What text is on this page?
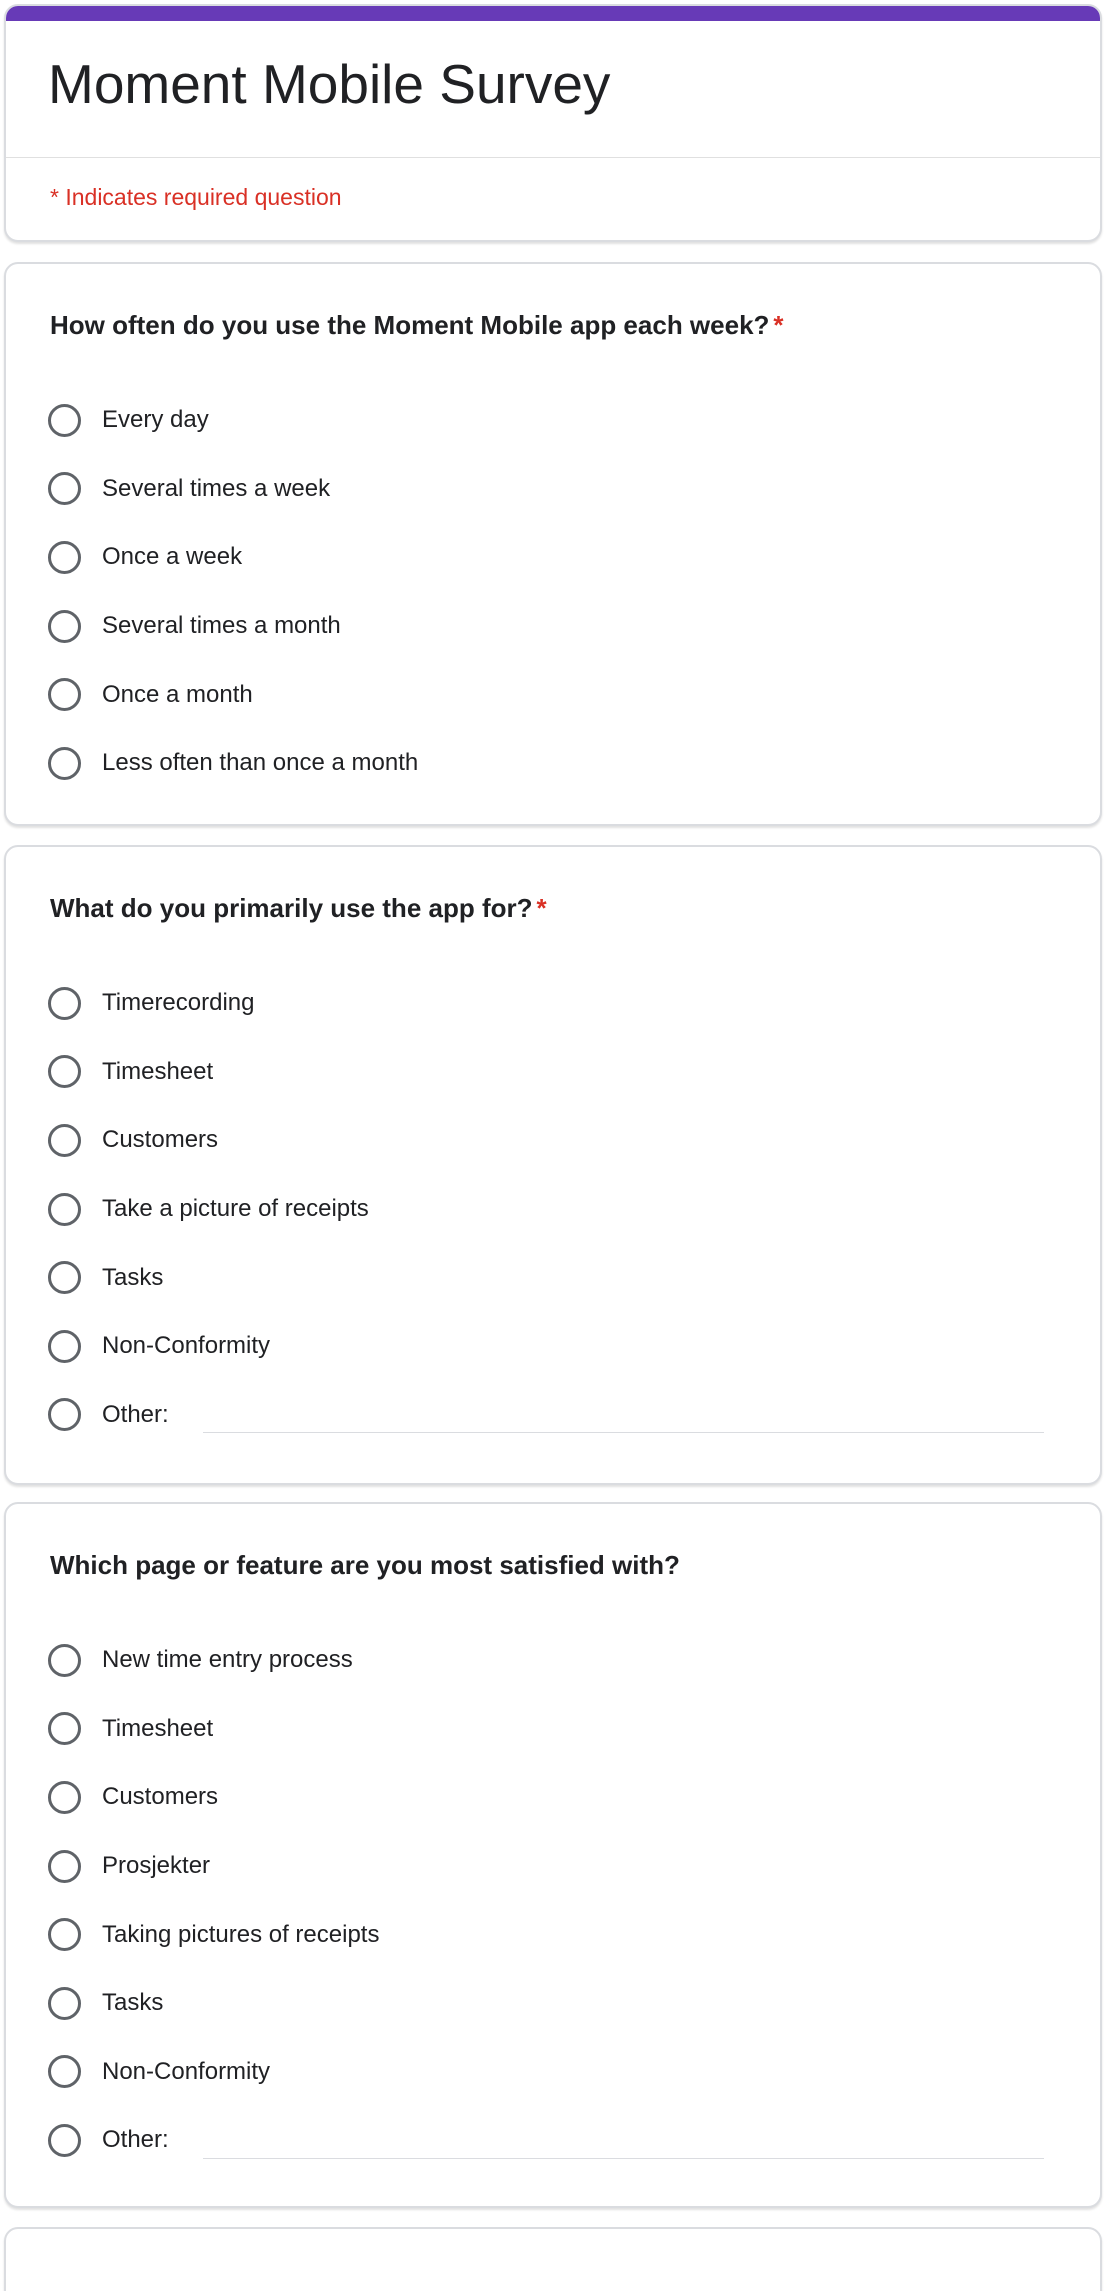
Moment Mobile Survey
* Indicates required question
How often do you use the Moment Mobile app each week? *
Every day
Several times a week
Once a week
Several times a month
Once a month
Less often than once a month
What do you primarily use the app for? *
Timerecording
Timesheet
Customers
Take a picture of receipts
Tasks
Non-Conformity
Other:
Which page or feature are you most satisfied with?
New time entry process
Timesheet
Customers
Prosjekter
Taking pictures of receipts
Tasks
Non-Conformity
Other:
